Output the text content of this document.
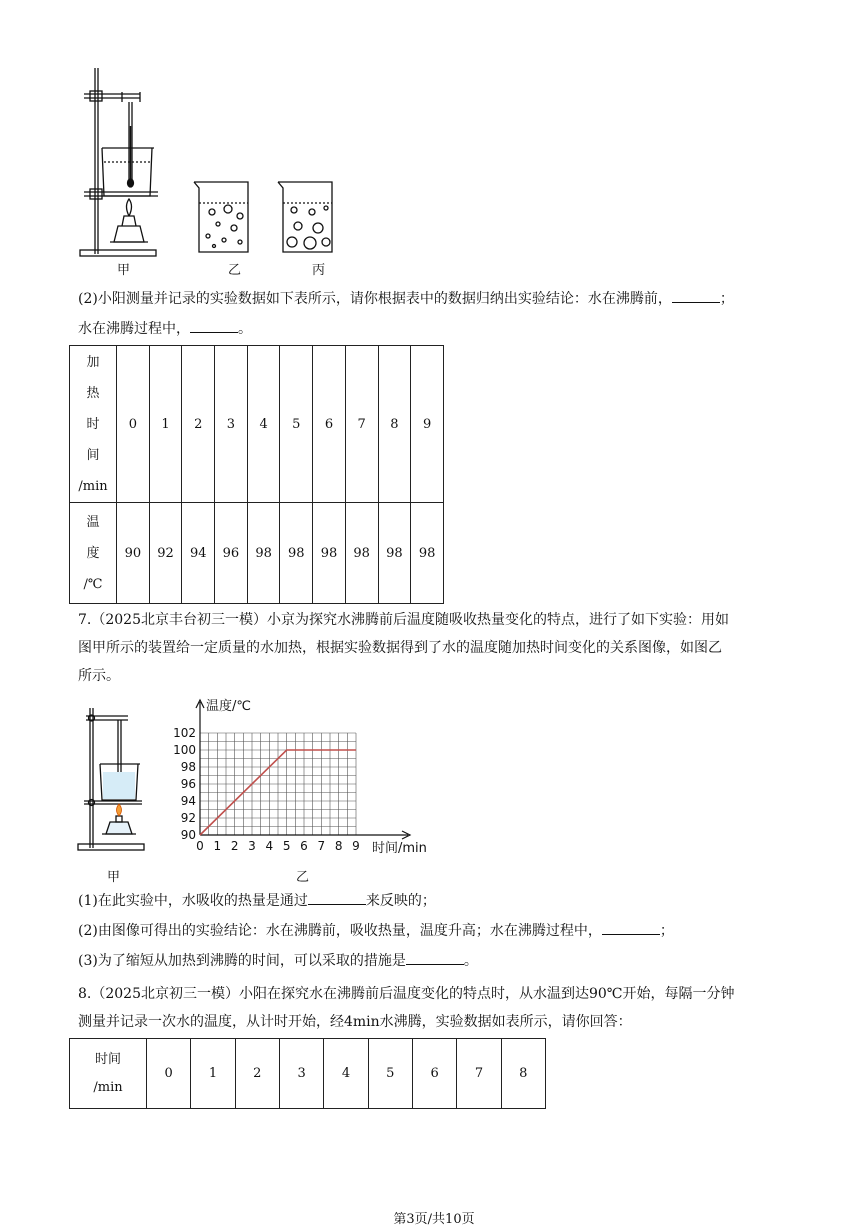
甲	乙	丙
(2)小阳测量并记录的实验数据如下表所示，请你根据表中的数据归纳出实验结论：水在沸腾前，	；
水在沸腾过程中，	。
加
热
时
间
/min	0	1	2	3	4	5	6	7	8	9

温
度
/℃	90	92	94	96	98	98	98	98	98	98
7.（2025北京丰台初三一模）小京为探究水沸腾前后温度随吸收热量变化的特点，进行了如下实验：用如
图甲所示的装置给一定质量的水加热，根据实验数据得到了水的温度随加热时间变化的关系图像，如图乙
所示。
甲
90
92
94
96
98
100
102
0 1 2 3 4 5 6 7 8 9
温度/℃
时间/min
乙
(1)在此实验中，水吸收的热量是通过	来反映的；
(2)由图像可得出的实验结论：水在沸腾前，吸收热量，温度升高；水在沸腾过程中，	；
(3)为了缩短从加热到沸腾的时间，可以采取的措施是	。
8.（2025北京初三一模）小阳在探究水在沸腾前后温度变化的特点时，从水温到达90℃开始，每隔一分钟
测量并记录一次水的温度，从计时开始，经4min水沸腾，实验数据如表所示，请你回答：
时间
/min
	0	1	2	3	4	5	6	7	8
第3页/共10页
